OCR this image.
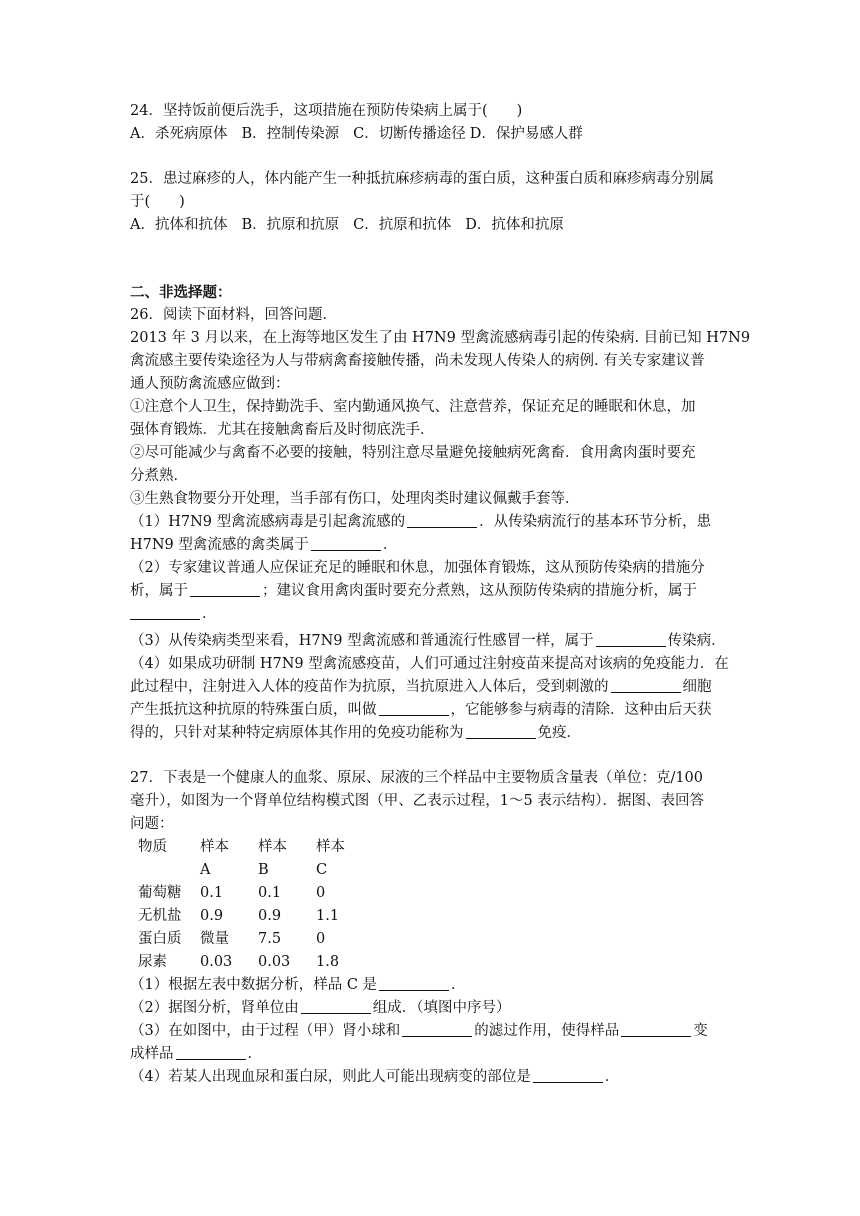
24．坚持饭前便后洗手，这项措施在预防传染病上属于(　　)
A．杀死病原体 B．控制传染源 C．切断传播途径 D．保护易感人群
25．患过麻疹的人，体内能产生一种抵抗麻疹病毒的蛋白质，这种蛋白质和麻疹病毒分别属
于(　　)
A．抗体和抗体 B．抗原和抗原 C．抗原和抗体 D．抗体和抗原
二、非选择题：
26．阅读下面材料，回答问题．
2013 年 3 月以来，在上海等地区发生了由 H7N9 型禽流感病毒引起的传染病. 目前已知 H7N9
禽流感主要传染途径为人与带病禽畜接触传播，尚未发现人传染人的病例. 有关专家建议普
通人预防禽流感应做到：
①注意个人卫生，保持勤洗手、室内勤通风换气、注意营养，保证充足的睡眠和休息，加
强体育锻炼．尤其在接触禽畜后及时彻底洗手．
②尽可能减少与禽畜不必要的接触，特别注意尽量避免接触病死禽畜．食用禽肉蛋时要充
分煮熟．
③生熟食物要分开处理，当手部有伤口，处理肉类时建议佩戴手套等．
（1）H7N9 型禽流感病毒是引起禽流感的	．从传染病流行的基本环节分析，患
H7N9 型禽流感的禽类属于	．
（2）专家建议普通人应保证充足的睡眠和休息，加强体育锻炼，这从预防传染病的措施分
析，属于	；建议食用禽肉蛋时要充分煮熟，这从预防传染病的措施分析，属于
．
（3）从传染病类型来看，H7N9 型禽流感和普通流行性感冒一样，属于	传染病．
（4）如果成功研制 H7N9 型禽流感疫苗，人们可通过注射疫苗来提高对该病的免疫能力．在
此过程中，注射进入人体的疫苗作为抗原，当抗原进入人体后，受到刺激的	细胞
产生抵抗这种抗原的特殊蛋白质，叫做	，它能够参与病毒的清除．这种由后天获
得的，只针对某种特定病原体其作用的免疫功能称为	免疫．
27．下表是一个健康人的血浆、原尿、尿液的三个样品中主要物质含量表（单位：克/100
毫升），如图为一个肾单位结构模式图（甲、乙表示过程，1～5 表示结构）．据图、表回答
问题：
物质	样本	样本	样本
	A	B	C
葡萄糖	0.1	0.1	0
无机盐	0.9	0.9	1.1
蛋白质	微量	7.5	0
尿素	0.03	0.03	1.8
（1）根据左表中数据分析，样品 C 是	．
（2）据图分析，肾单位由	组成．（填图中序号）
（3）在如图中，由于过程（甲）肾小球和	的滤过作用，使得样品	变
成样品	．
（4）若某人出现血尿和蛋白尿，则此人可能出现病变的部位是	．
